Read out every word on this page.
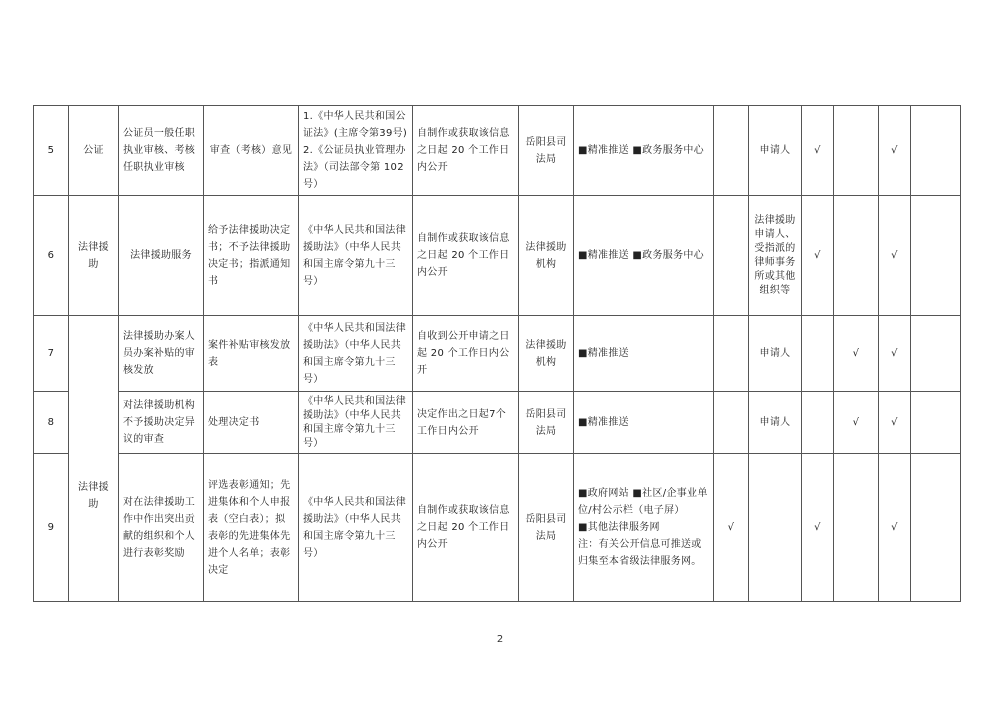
5	公证	公证员一般任职执业审核、考核任职执业审核	审查（考核）意见	1.《中华人民共和国公证法》(主席令第39号)
2.《公证员执业管理办法》（司法部令第 102号）	自制作或获取该信息之日起 20 个工作日内公开	岳阳县司法局	■精准推送 ■政务服务中心		申请人	√		√	
6	法律援助	法律援助服务	给予法律援助决定书；不予法律援助决定书；指派通知书	《中华人民共和国法律援助法》（中华人民共和国主席令第九十三号）	自制作或获取该信息之日起 20 个工作日内公开	法律援助机构	■精准推送 ■政务服务中心		法律援助申请人、受指派的律师事务所或其他组织等	√		√	
7		法律援助办案人员办案补贴的审核发放	案件补贴审核发放表	《中华人民共和国法律援助法》（中华人民共和国主席令第九十三号）	自收到公开申请之日起 20 个工作日内公开	法律援助机构	■精准推送		申请人		√	√	
8	法律援助	对法律援助机构不予援助决定异议的审查	处理决定书	《中华人民共和国法律援助法》（中华人民共和国主席令第九十三号）	决定作出之日起7个工作日内公开	岳阳县司法局	■精准推送		申请人		√	√	
9		对在法律援助工作中作出突出贡献的组织和个人进行表彰奖励	评选表彰通知；先进集体和个人申报表（空白表）；拟表彰的先进集体先进个人名单；表彰决定	《中华人民共和国法律援助法》（中华人民共和国主席令第九十三号）	自制作或获取该信息之日起 20 个工作日内公开	岳阳县司法局	■政府网站 ■社区/企事业单位/村公示栏（电子屏）
■其他法律服务网
注：有关公开信息可推送或归集至本省级法律服务网。	√		√		√	
2
